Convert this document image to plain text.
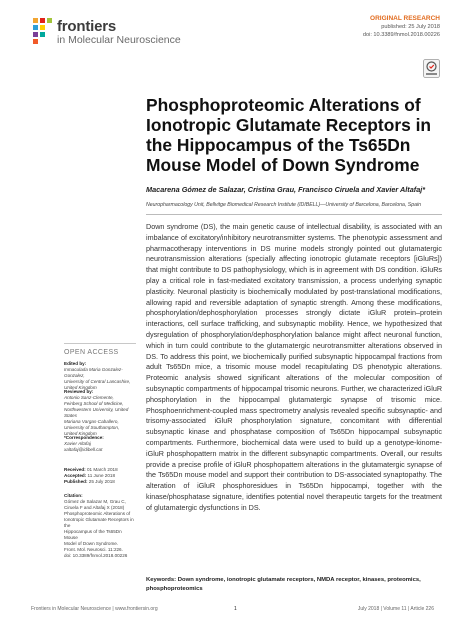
frontiers
in Molecular Neuroscience
ORIGINAL RESEARCH
published: 25 July 2018
doi: 10.3389/fnmol.2018.00226
Phosphoproteomic Alterations of Ionotropic Glutamate Receptors in the Hippocampus of the Ts65Dn Mouse Model of Down Syndrome
Macarena Gómez de Salazar, Cristina Grau, Francisco Ciruela and Xavier Altafaj*
Neuropharmacology Unit, Bellvitge Biomedical Research Institute (IDIBELL)—University of Barcelona, Barcelona, Spain

Down syndrome (DS), the main genetic cause of intellectual disability, is associated with an imbalance of excitatory/inhibitory neurotransmitter systems. The phenotypic assessment and pharmacotherapy interventions in DS murine models strongly pointed out glutamatergic neurotransmission alterations (specially affecting ionotropic glutamate receptors [iGluRs]) that might contribute to DS pathophysiology, which is in agreement with DS condition. iGluRs play a critical role in fast-mediated excitatory transmission, a process underlying synaptic plasticity. Neuronal plasticity is biochemically modulated by post-translational modifications, allowing rapid and reversible adaptation of synaptic strength. Among these modifications, phosphorylation/dephosphorylation processes strongly dictate iGluR protein–protein interactions, cell surface trafficking, and subsynaptic mobility. Hence, we hypothesized that dysregulation of phosphorylation/dephosphorylation balance might affect neuronal function, which in turn could contribute to the glutamatergic neurotransmitter alterations observed in DS. To address this point, we biochemically purified subsynaptic hippocampal fractions from adult Ts65Dn mice, a trisomic mouse model recapitulating DS phenotypic alterations. Proteomic analysis showed significant alterations of the molecular composition of subsynaptic compartments of hippocampal trisomic neurons. Further, we characterized iGluR phosphorylation in the hippocampal glutamatergic synapse of trisomic mice. Phosphoenrichment-coupled mass spectrometry analysis revealed specific subsynaptic- and trisomy-associated iGluR phosphorylation signature, concomitant with differential subsynaptic kinase and phosphatase composition of Ts65Dn hippocampal subsynaptic compartments. Furthermore, biochemical data were used to build up a genotype-kinome-iGluR phosphopattern matrix in the different subsynaptic compartments. Overall, our results provide a precise profile of iGluR phosphopattern alterations in the glutamatergic synapse of the Ts65Dn mouse model and support their contribution to DS-associated synaptopathy. The alteration of iGluR phosphoresidues in Ts65Dn hippocampi, together with the kinase/phosphatase signature, identifies potential novel therapeutic targets for the treatment of glutamatergic dysfunctions in DS.

Keywords: Down syndrome, ionotropic glutamate receptors, NMDA receptor, kinases, proteomics, phosphoproteomics
OPEN ACCESS
Edited by:
Inmaculada Maria Gonzalez-Gonzalez,
University of Central Lancashire,
United Kingdom
Reviewed by:
Antonio Sanz-Clemente,
Feinberg School of Medicine,
Northwestern University, United States
Mariana Vargas-Caballero,
University of Southampton,
United Kingdom
*Correspondence:
Xavier Altafaj
xaltafaj@idibell.cat
Received: 01 March 2018
Accepted: 11 June 2018
Published: 25 July 2018
Citation:
Gómez de Salazar M, Grau C,
Ciruela F and Altafaj X (2018)
Phosphoproteomic Alterations of
Ionotropic Glutamate Receptors in the
Hippocampus of the Ts65Dn Mouse
Model of Down Syndrome.
Front. Mol. Neurosci. 11:226.
doi: 10.3389/fnmol.2018.00226
Frontiers in Molecular Neuroscience | www.frontiersin.org	1	July 2018 | Volume 11 | Article 226
